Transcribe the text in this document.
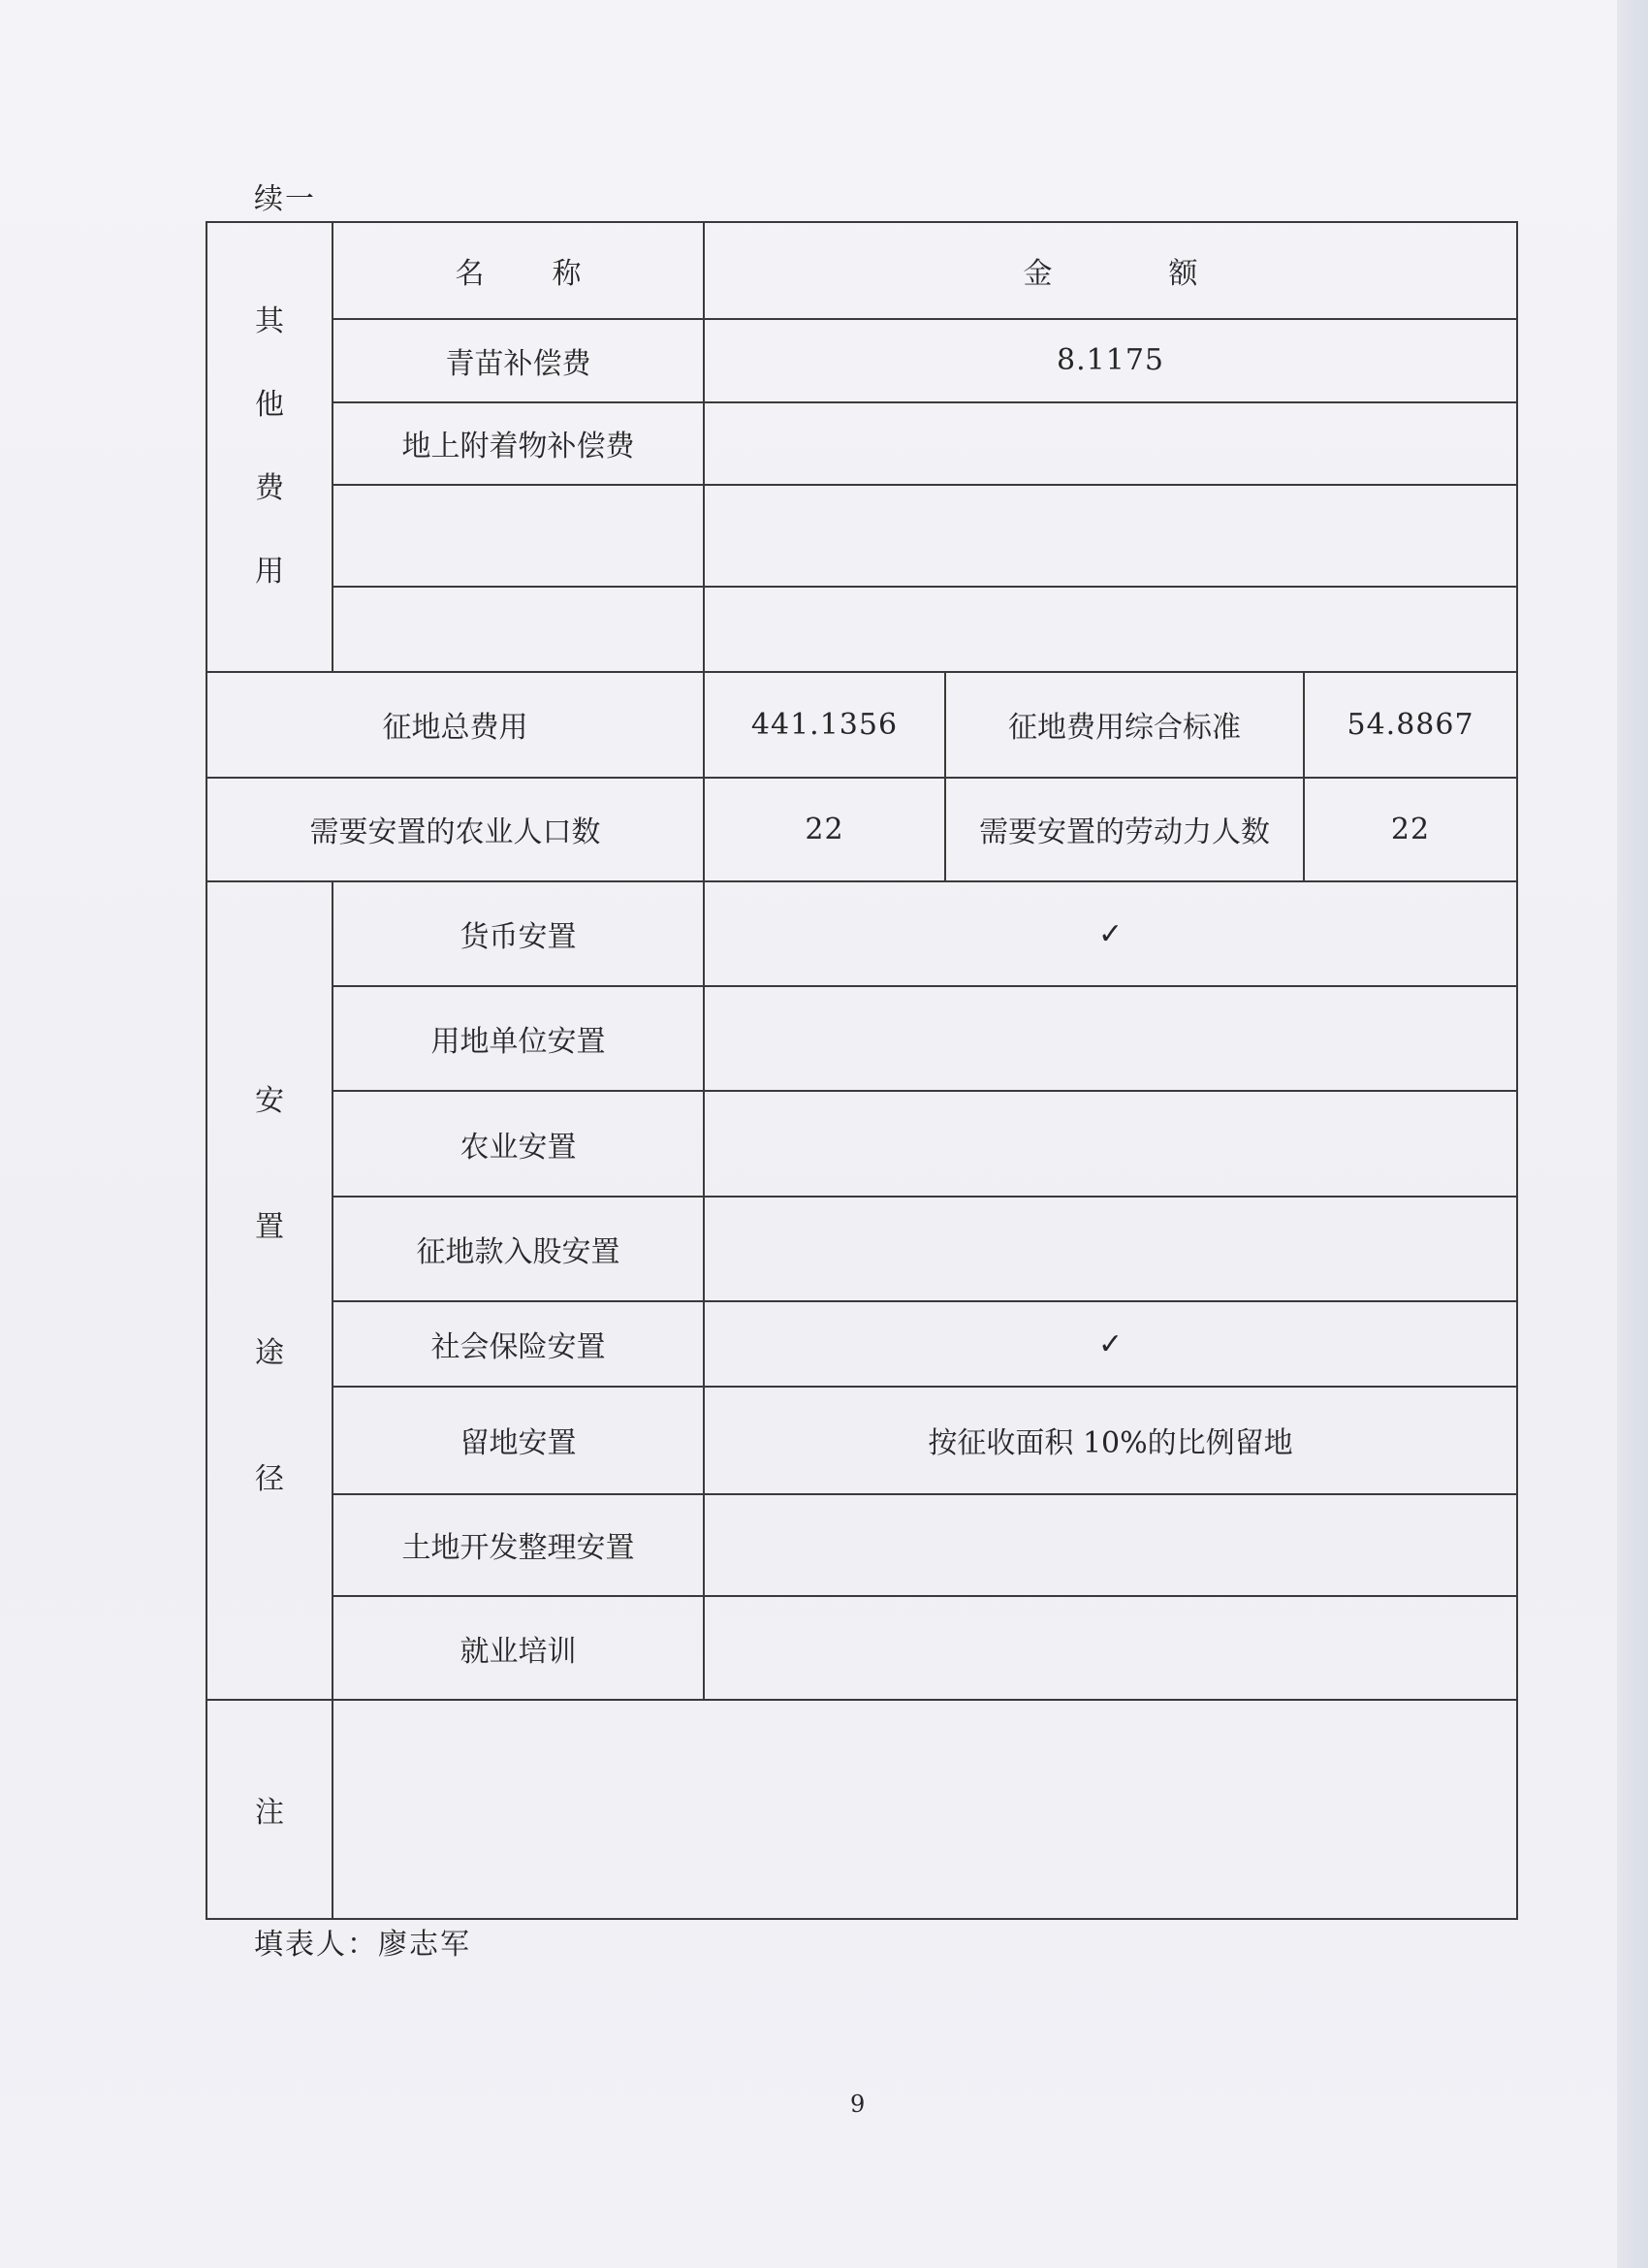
续一
其他费用	名称	金额		
	青苗补偿费	8.1175		
	地上附着物补偿费			

征地总费用		441.1356	征地费用综合标准	54.8867
需要安置的农业人口数		22	需要安置的劳动力人数	22
安置途径	货币安置	✓		
	用地单位安置			
	农业安置			
	征地款入股安置			
	社会保险安置	✓		
	留地安置	按征收面积 10%的比例留地		
	土地开发整理安置			
	就业培训			
注				
填表人：廖志军
9
